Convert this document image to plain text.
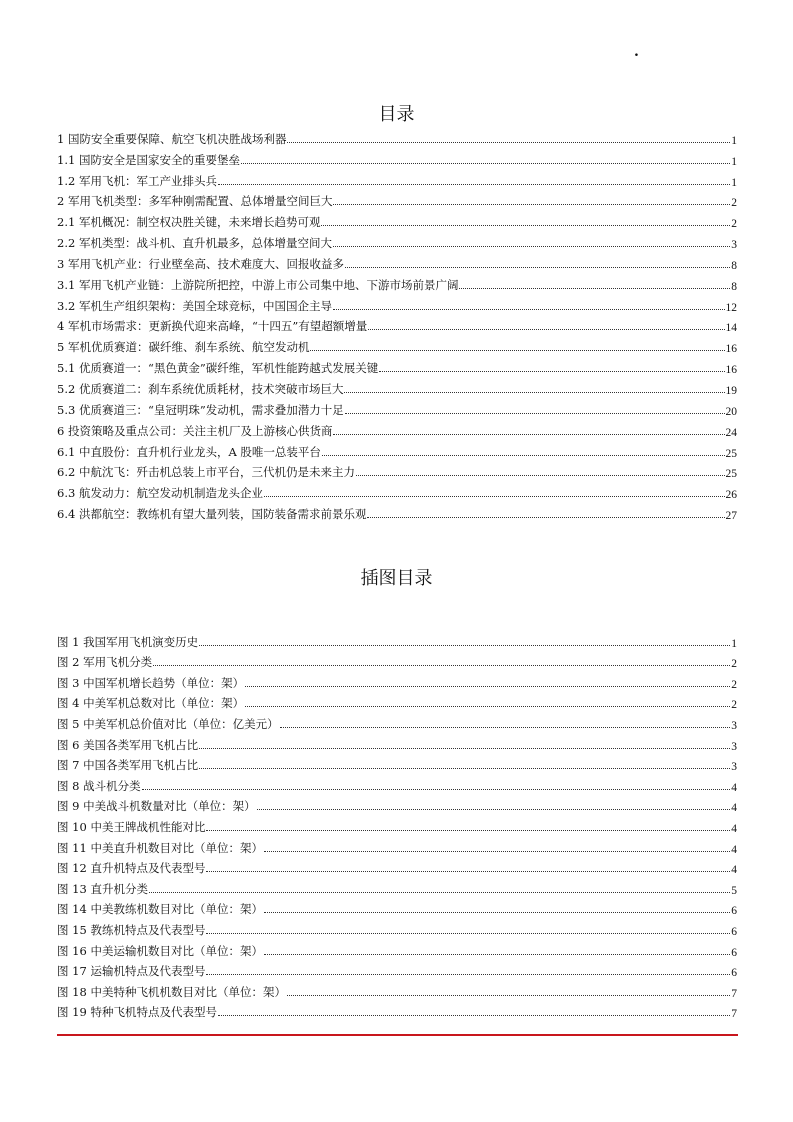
.
目录
1 国防安全重要保障、航空飞机决胜战场利器	1
1.1 国防安全是国家安全的重要堡垒	1
1.2 军用飞机：军工产业排头兵	1
2 军用飞机类型：多军种刚需配置、总体增量空间巨大	2
2.1 军机概况：制空权决胜关键，未来增长趋势可观	2
2.2 军机类型：战斗机、直升机最多，总体增量空间大	3
3 军用飞机产业：行业壁垒高、技术难度大、回报收益多	8
3.1 军用飞机产业链：上游院所把控，中游上市公司集中地、下游市场前景广阔	8
3.2 军机生产组织架构：美国全球竞标，中国国企主导	12
4 军机市场需求：更新换代迎来高峰，“十四五”有望超额增量	14
5 军机优质赛道：碳纤维、刹车系统、航空发动机	16
5.1 优质赛道一：“黑色黄金”碳纤维，军机性能跨越式发展关键	16
5.2 优质赛道二：刹车系统优质耗材，技术突破市场巨大	19
5.3 优质赛道三：“皇冠明珠”发动机，需求叠加潜力十足	20
6 投资策略及重点公司：关注主机厂及上游核心供货商	24
6.1 中直股份：直升机行业龙头，A 股唯一总装平台	25
6.2 中航沈飞：歼击机总装上市平台，三代机仍是未来主力	25
6.3 航发动力：航空发动机制造龙头企业	26
6.4 洪都航空：教练机有望大量列装，国防装备需求前景乐观	27
插图目录
图 1 我国军用飞机演变历史	1
图 2 军用飞机分类	2
图 3 中国军机增长趋势（单位：架）	2
图 4 中美军机总数对比（单位：架）	2
图 5 中美军机总价值对比（单位：亿美元）	3
图 6 美国各类军用飞机占比	3
图 7 中国各类军用飞机占比	3
图 8 战斗机分类	4
图 9 中美战斗机数量对比（单位：架）	4
图 10 中美王牌战机性能对比	4
图 11 中美直升机数目对比（单位：架）	4
图 12 直升机特点及代表型号	4
图 13 直升机分类	5
图 14 中美教练机数目对比（单位：架）	6
图 15 教练机特点及代表型号	6
图 16 中美运输机数目对比（单位：架）	6
图 17 运输机特点及代表型号	6
图 18 中美特种飞机机数目对比（单位：架）	7
图 19 特种飞机特点及代表型号	7
